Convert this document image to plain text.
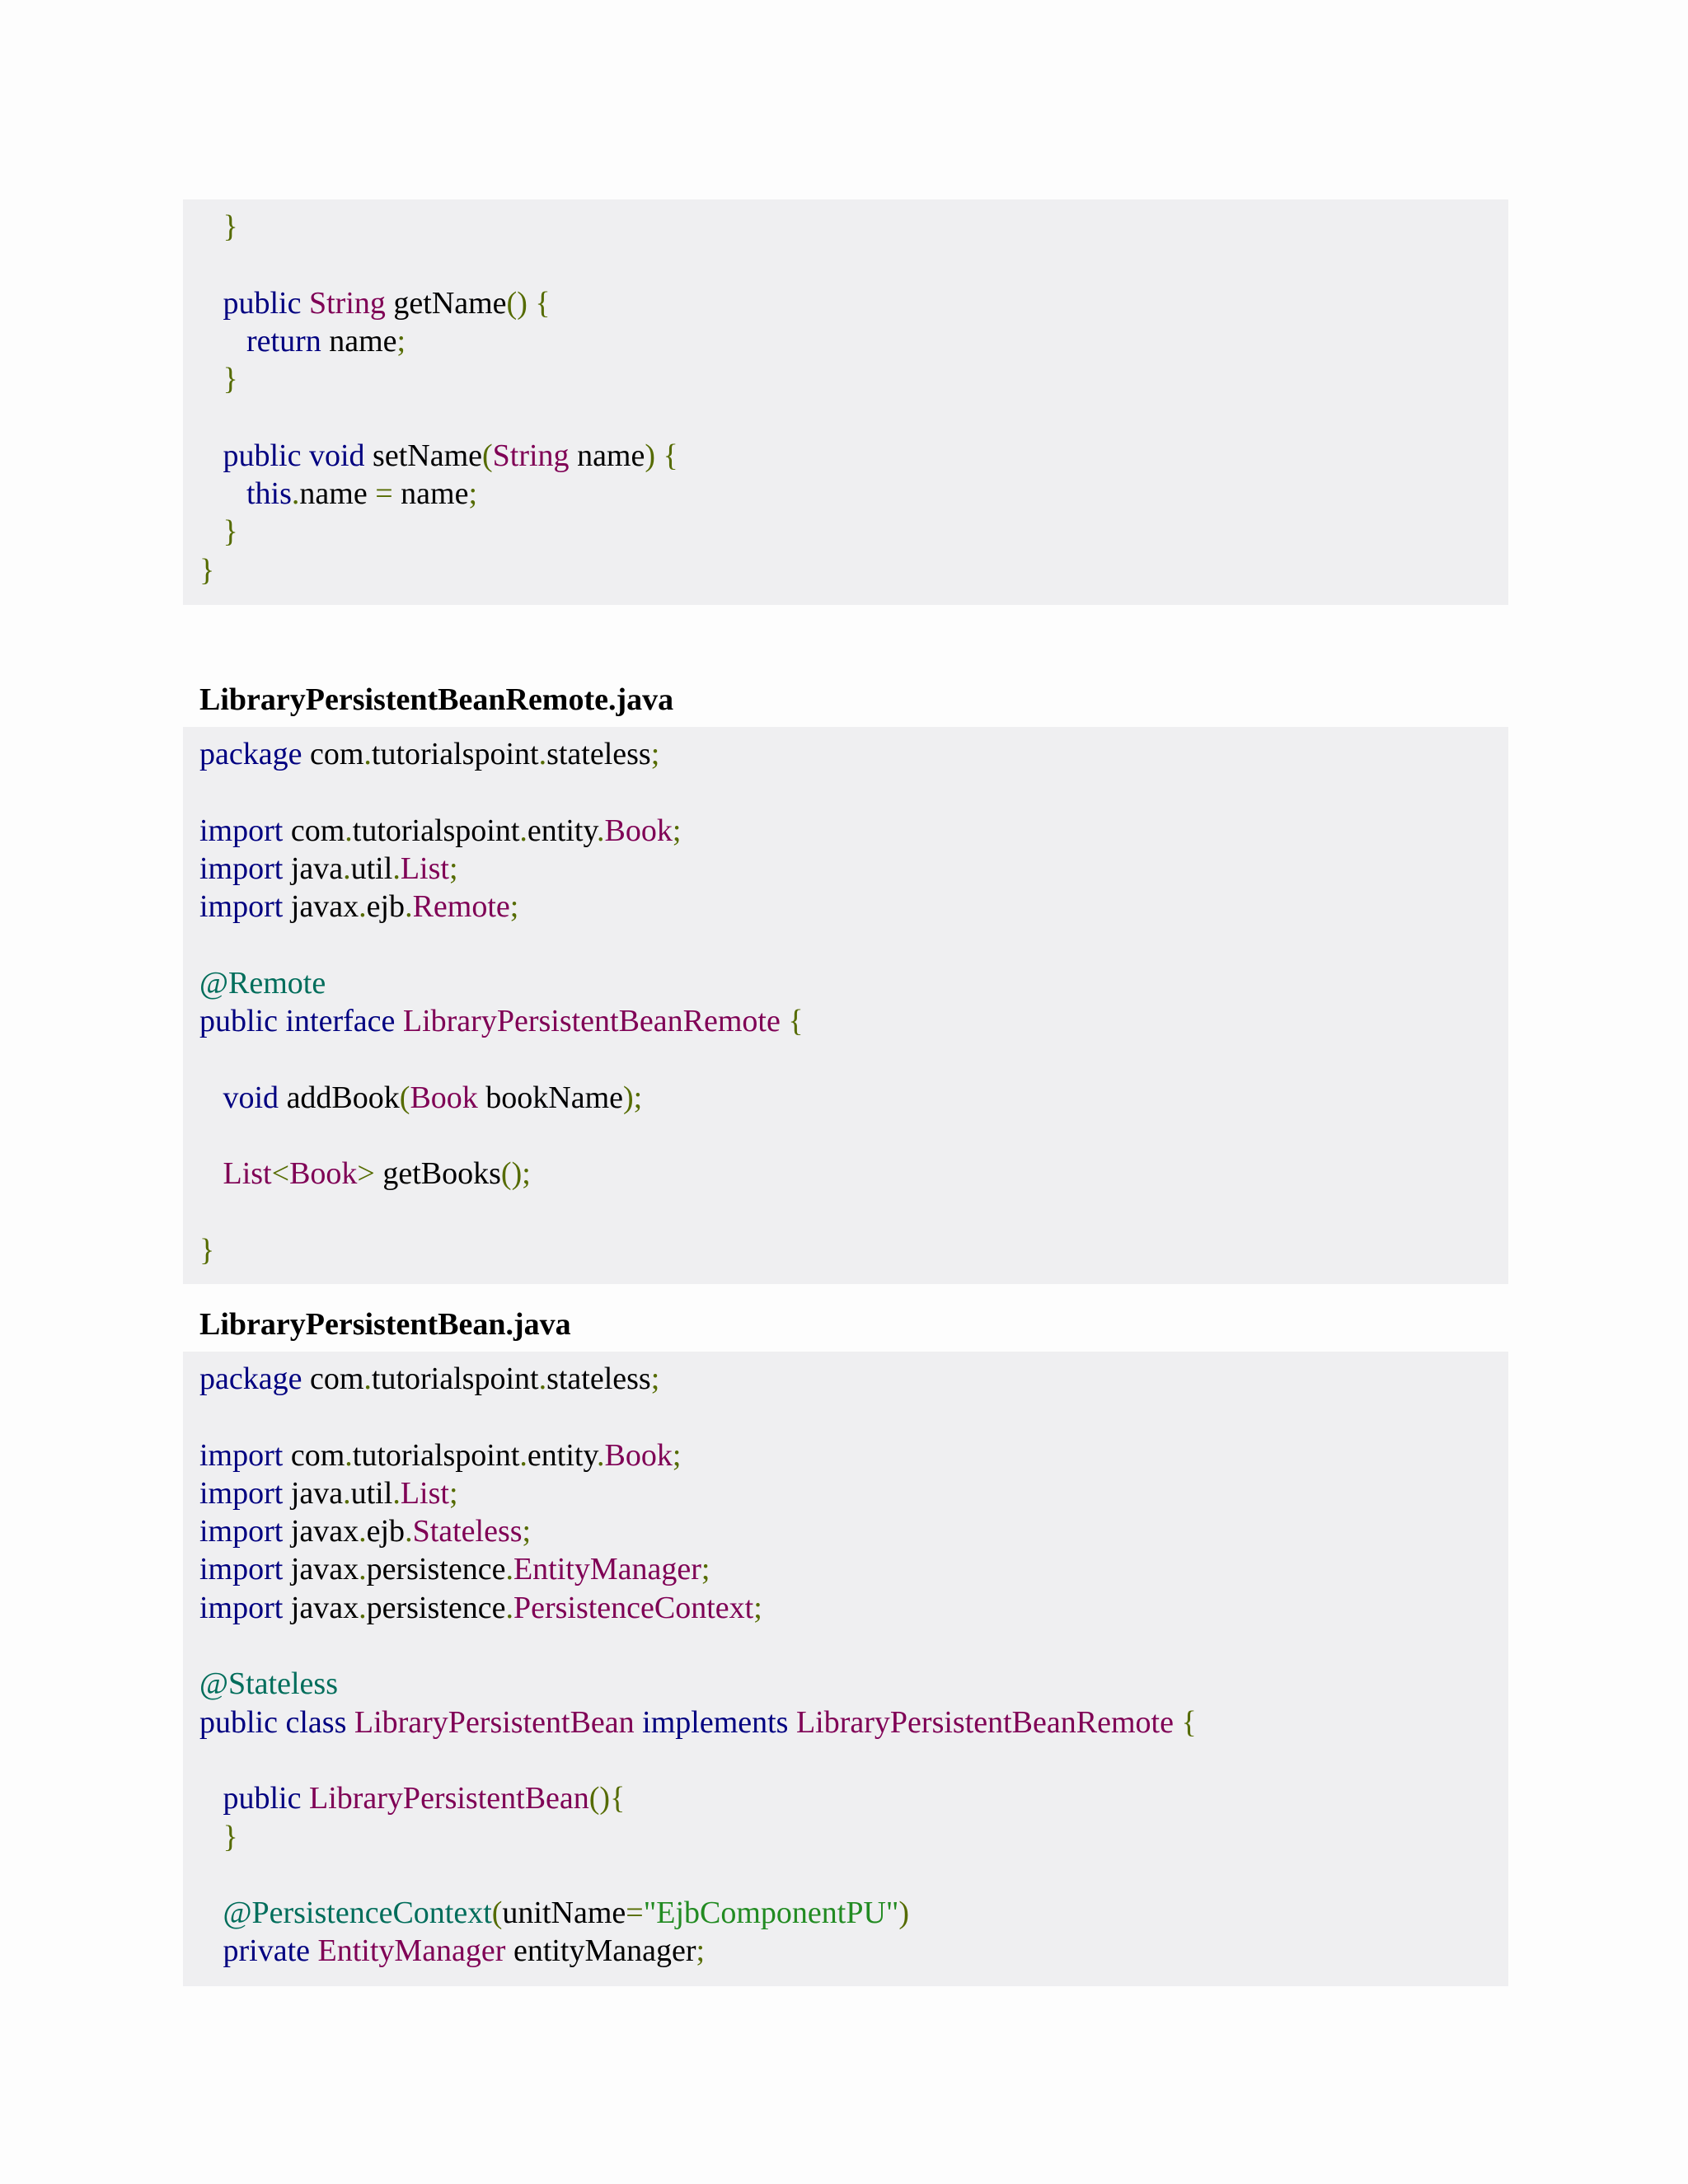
}
public String getName() {
return name;
}
public void setName(String name) {
this.name = name;
}
}
LibraryPersistentBeanRemote.java
package com.tutorialspoint.stateless;
import com.tutorialspoint.entity.Book;
import java.util.List;
import javax.ejb.Remote;
@Remote
public interface LibraryPersistentBeanRemote {
void addBook(Book bookName);
List<Book> getBooks();
}
LibraryPersistentBean.java
package com.tutorialspoint.stateless;
import com.tutorialspoint.entity.Book;
import java.util.List;
import javax.ejb.Stateless;
import javax.persistence.EntityManager;
import javax.persistence.PersistenceContext;
@Stateless
public class LibraryPersistentBean implements LibraryPersistentBeanRemote {
public LibraryPersistentBean(){
}
@PersistenceContext(unitName="EjbComponentPU")
private EntityManager entityManager;
